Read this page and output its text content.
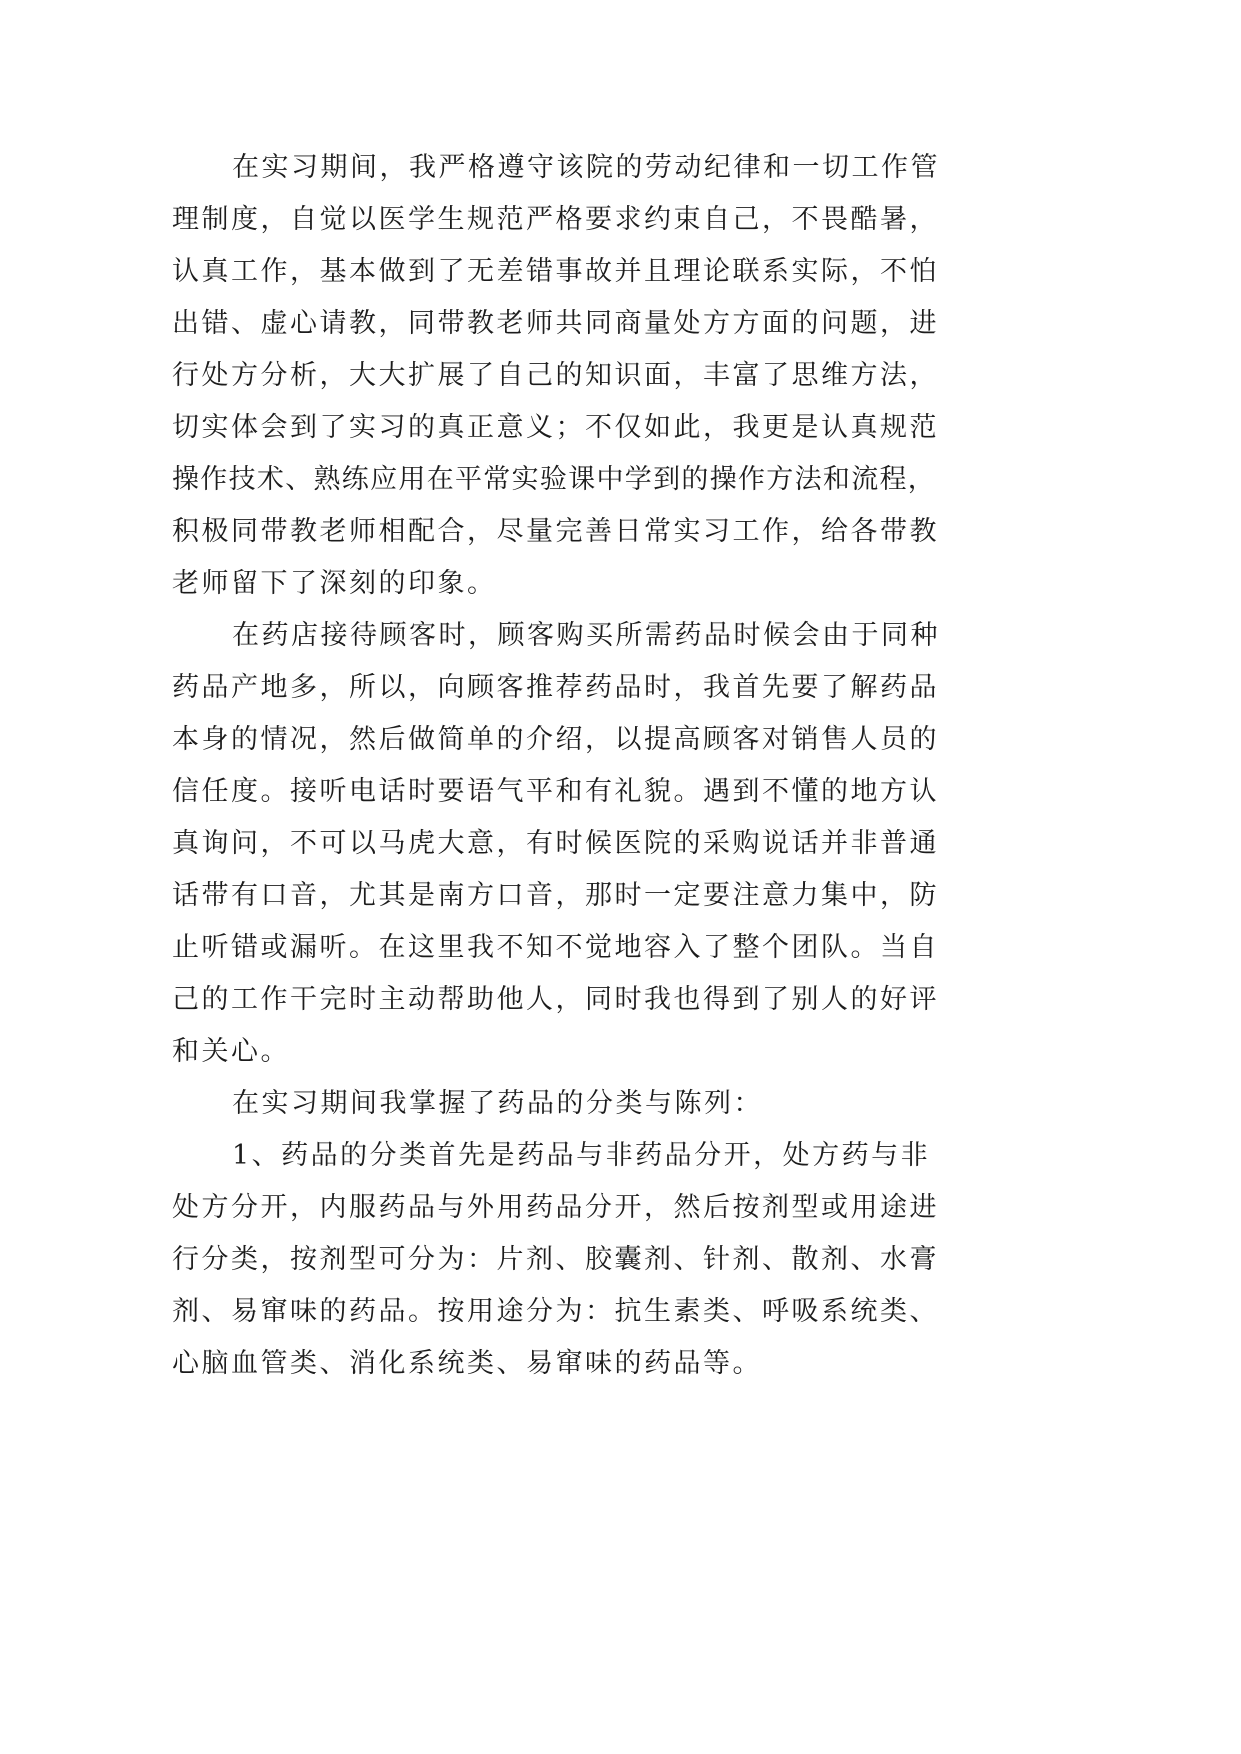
在实习期间，我严格遵守该院的劳动纪律和一切工作管
理制度，自觉以医学生规范严格要求约束自己，不畏酷暑，
认真工作，基本做到了无差错事故并且理论联系实际，不怕
出错、虚心请教，同带教老师共同商量处方方面的问题，进
行处方分析，大大扩展了自己的知识面，丰富了思维方法，
切实体会到了实习的真正意义；不仅如此，我更是认真规范
操作技术、熟练应用在平常实验课中学到的操作方法和流程，
积极同带教老师相配合，尽量完善日常实习工作，给各带教
老师留下了深刻的印象。
在药店接待顾客时，顾客购买所需药品时候会由于同种
药品产地多，所以，向顾客推荐药品时，我首先要了解药品
本身的情况，然后做简单的介绍，以提高顾客对销售人员的
信任度。接听电话时要语气平和有礼貌。遇到不懂的地方认
真询问，不可以马虎大意，有时候医院的采购说话并非普通
话带有口音，尤其是南方口音，那时一定要注意力集中，防
止听错或漏听。在这里我不知不觉地容入了整个团队。当自
己的工作干完时主动帮助他人，同时我也得到了别人的好评
和关心。
在实习期间我掌握了药品的分类与陈列：
1、药品的分类首先是药品与非药品分开，处方药与非
处方分开，内服药品与外用药品分开，然后按剂型或用途进
行分类，按剂型可分为：片剂、胶囊剂、针剂、散剂、水膏
剂、易窜味的药品。按用途分为：抗生素类、呼吸系统类、
心脑血管类、消化系统类、易窜味的药品等。
